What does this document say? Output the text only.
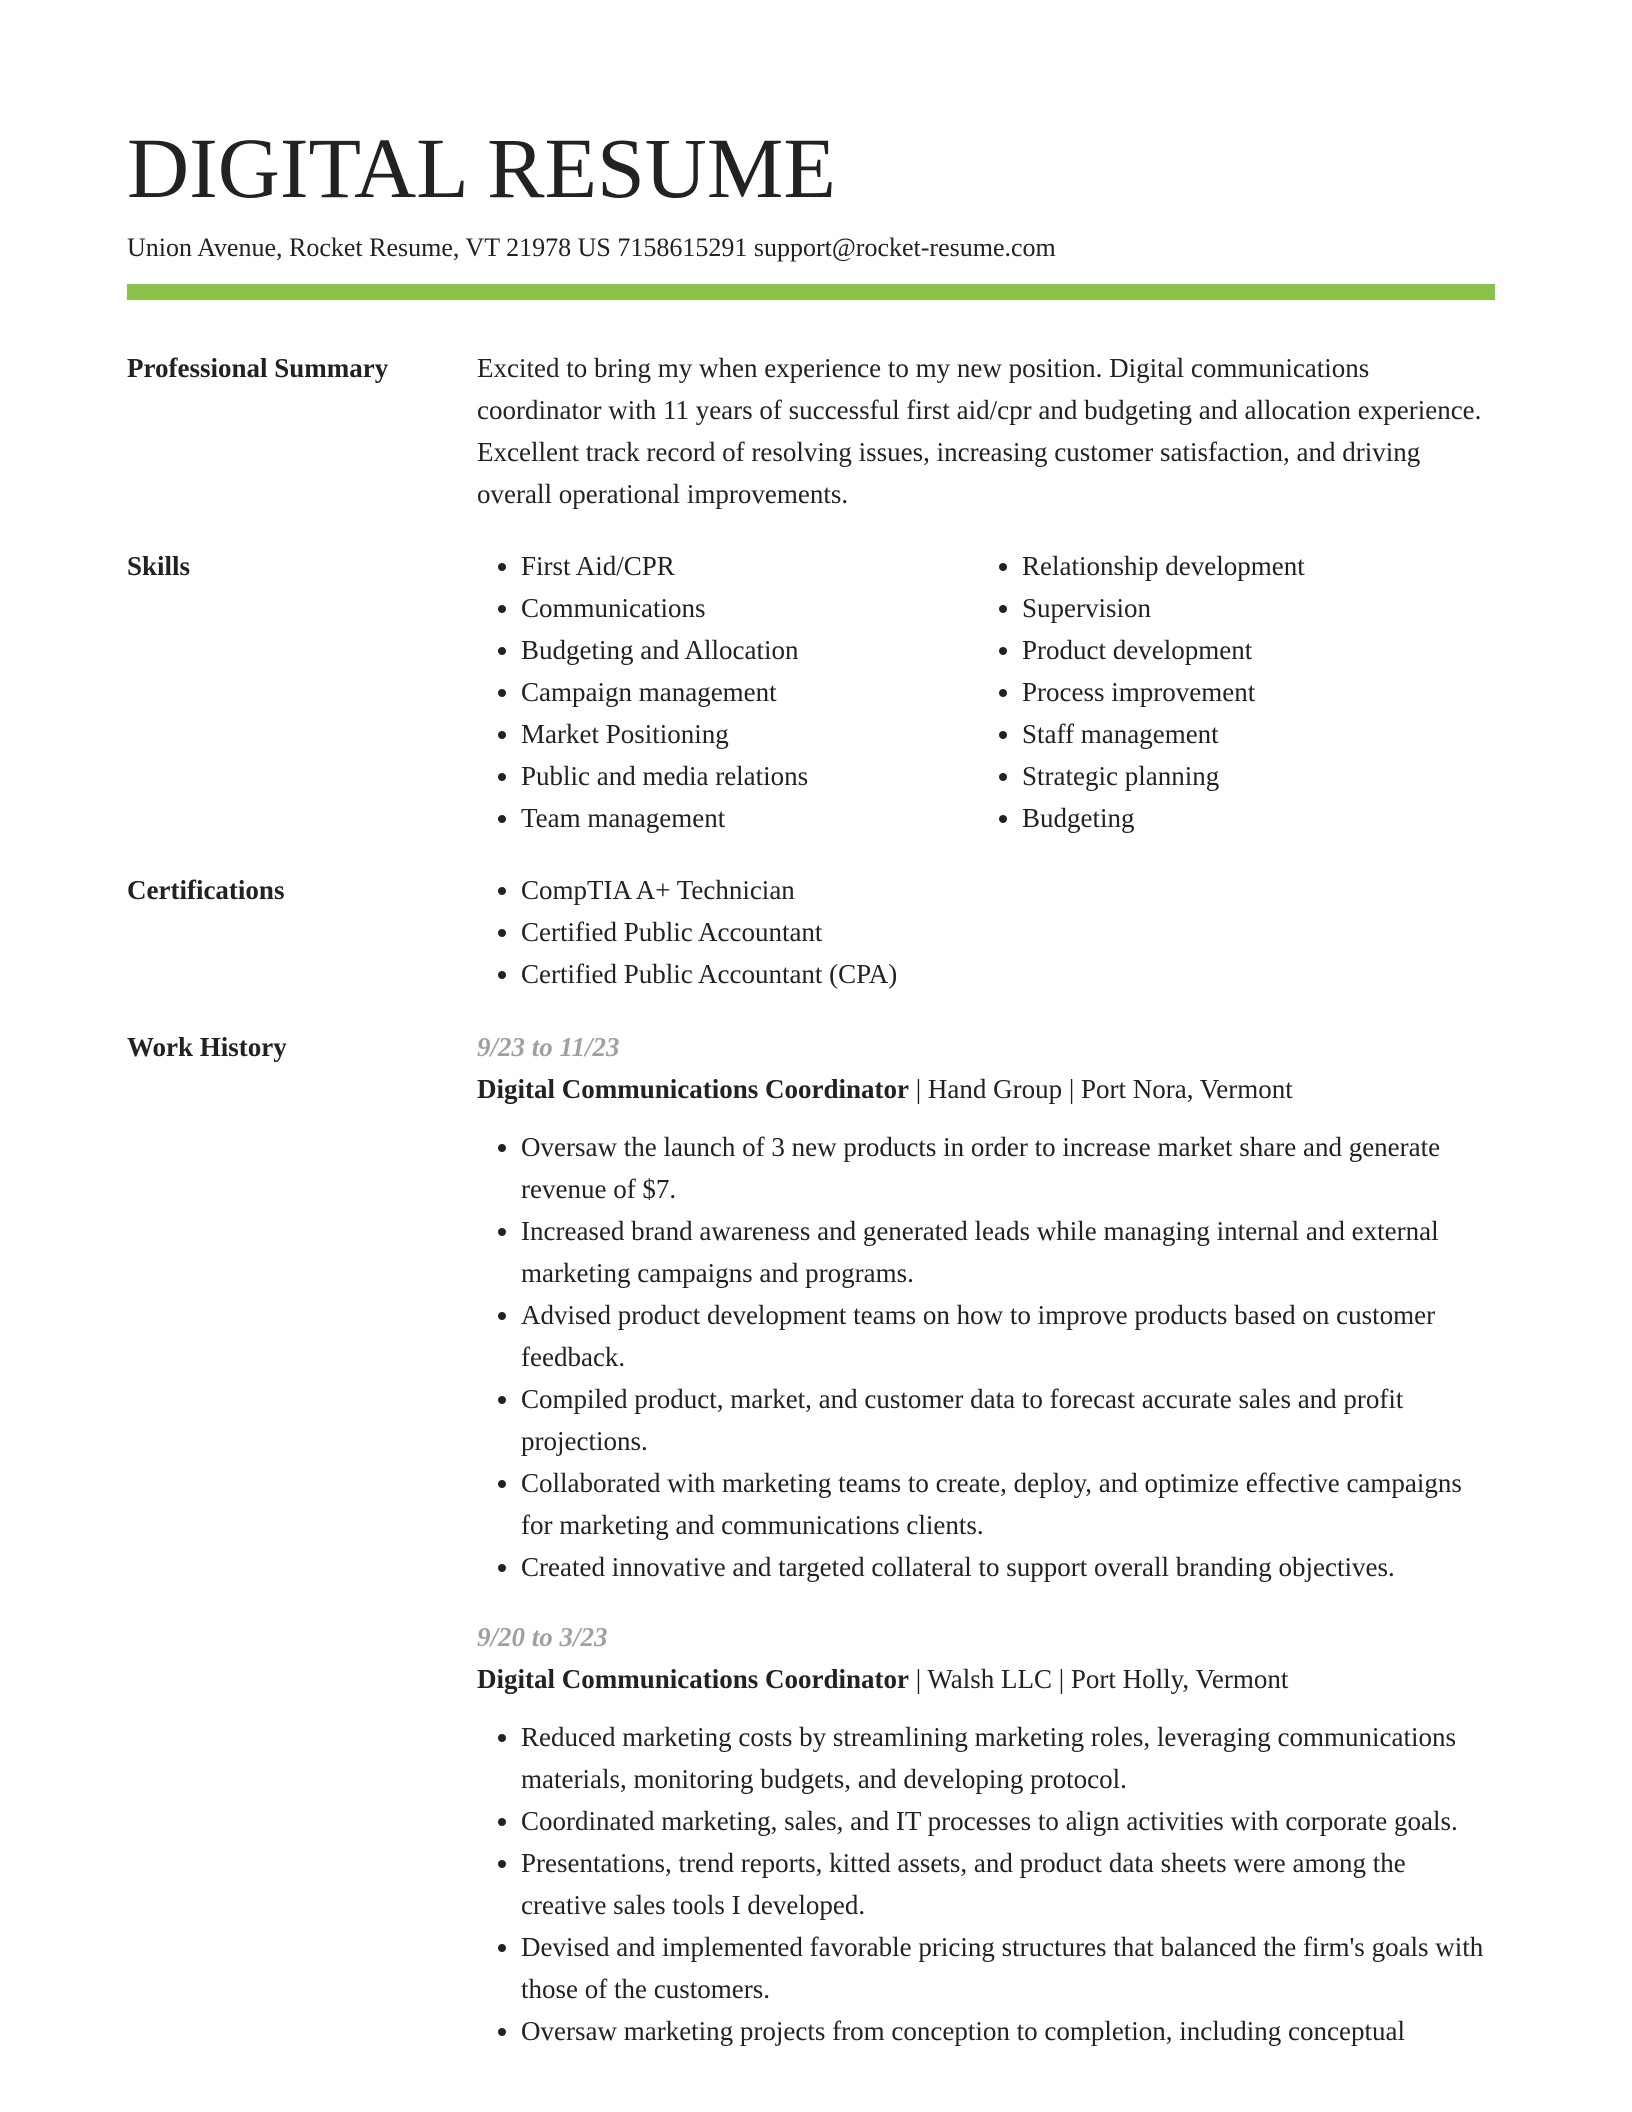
DIGITAL RESUME
Union Avenue, Rocket Resume, VT 21978 US 7158615291 support@rocket-resume.com
Professional Summary	Excited to bring my when experience to my new position. Digital communications coordinator with 11 years of successful first aid/cpr and budgeting and allocation experience. Excellent track record of resolving issues, increasing customer satisfaction, and driving overall operational improvements.

Skills	• First Aid/CPR
• Communications
• Budgeting and Allocation
• Campaign management
• Market Positioning
• Public and media relations
• Team management
• Relationship development
• Supervision
• Product development
• Process improvement
• Staff management
• Strategic planning
• Budgeting
Certifications	• CompTIA A+ Technician
• Certified Public Accountant
• Certified Public Accountant (CPA)
Work History	9/23 to 11/23
Digital Communications Coordinator | Hand Group | Port Nora, Vermont
• Oversaw the launch of 3 new products in order to increase market share and generate revenue of $7.
• Increased brand awareness and generated leads while managing internal and external marketing campaigns and programs.
• Advised product development teams on how to improve products based on customer feedback.
• Compiled product, market, and customer data to forecast accurate sales and profit projections.
• Collaborated with marketing teams to create, deploy, and optimize effective campaigns for marketing and communications clients.
• Created innovative and targeted collateral to support overall branding objectives.
9/20 to 3/23
Digital Communications Coordinator | Walsh LLC | Port Holly, Vermont
• Reduced marketing costs by streamlining marketing roles, leveraging communications materials, monitoring budgets, and developing protocol.
• Coordinated marketing, sales, and IT processes to align activities with corporate goals.
• Presentations, trend reports, kitted assets, and product data sheets were among the creative sales tools I developed.
• Devised and implemented favorable pricing structures that balanced the firm's goals with those of the customers.
• Oversaw marketing projects from conception to completion, including conceptual
